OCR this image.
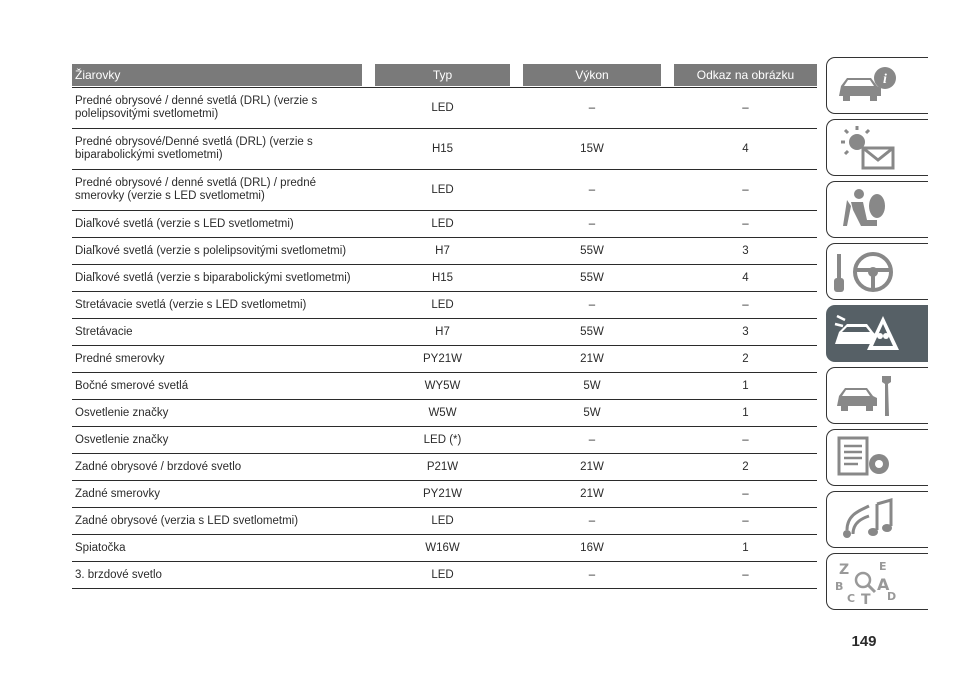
Žiarovky	Typ	Výkon	Odkaz na obrázku
Predné obrysové / denné svetlá (DRL) (verzie s
polelipsovitými svetlometmi)	LED	–	–
Predné obrysové/Denné svetlá (DRL) (verzie s
biparabolickými svetlometmi)	H15	15W	4
Predné obrysové / denné svetlá (DRL) / predné
smerovky (verzie s LED svetlometmi)	LED	–	–
Diaľkové svetlá (verzie s LED svetlometmi)	LED	–	–
Diaľkové svetlá (verzie s polelipsovitými svetlometmi)	H7	55W	3
Diaľkové svetlá (verzie s biparabolickými svetlometmi)	H15	55W	4
Stretávacie svetlá (verzie s LED svetlometmi)	LED	–	–
Stretávacie	H7	55W	3
Predné smerovky	PY21W	21W	2
Bočné smerové svetlá	WY5W	5W	1
Osvetlenie značky	W5W	5W	1
Osvetlenie značky	LED (*)	–	–
Zadné obrysové / brzdové svetlo	P21W	21W	2
Zadné smerovky	PY21W	21W	–
Zadné obrysové (verzia s LED svetlometmi)	LED	–	–
Spiatočka	W16W	16W	1
3. brzdové svetlo	LED	–	–
i
Z	E
B A
C	D
T
149
